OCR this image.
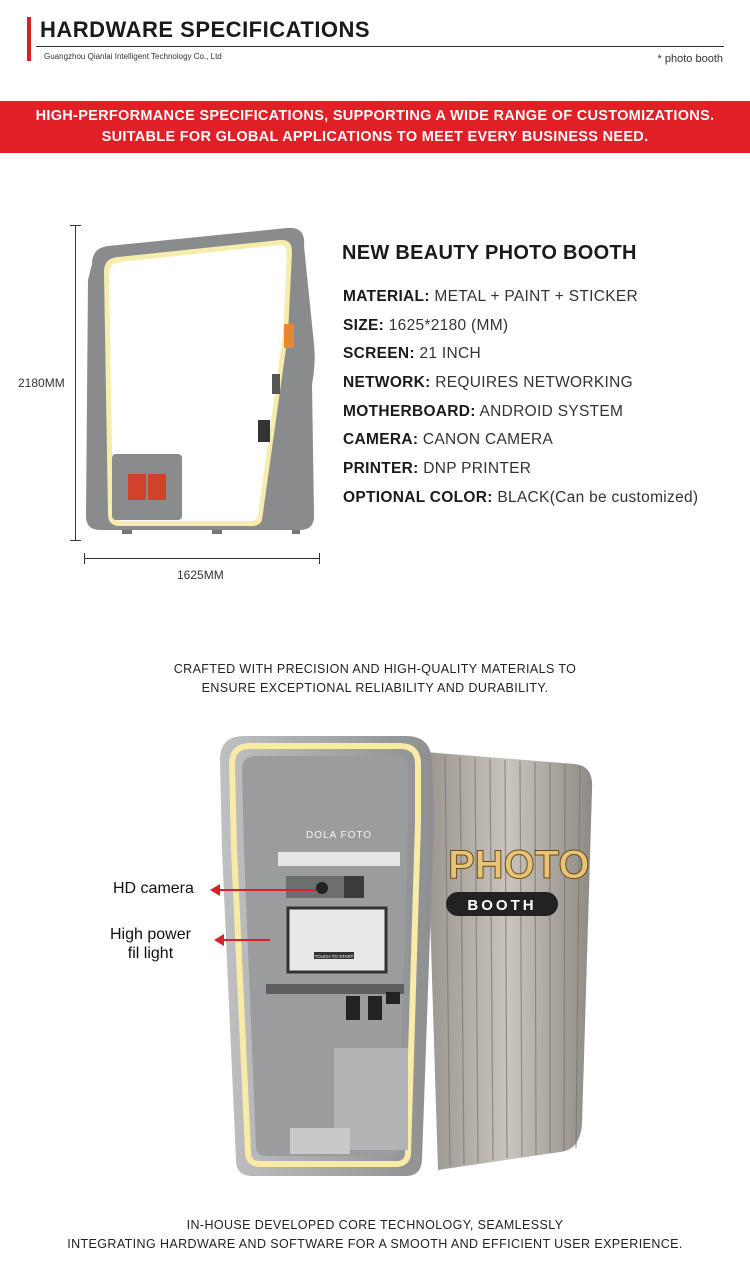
HARDWARE SPECIFICATIONS
Guangzhou Qianlai Intelligent Technology Co., Ltd	* photo booth
HIGH-PERFORMANCE SPECIFICATIONS, SUPPORTING A WIDE RANGE OF CUSTOMIZATIONS.
SUITABLE FOR GLOBAL APPLICATIONS TO MEET EVERY BUSINESS NEED.
2180MM
1625MM
NEW BEAUTY PHOTO BOOTH
MATERIAL: METAL + PAINT + STICKER
SIZE: 1625*2180 (MM)
SCREEN: 21 INCH
NETWORK: REQUIRES NETWORKING
MOTHERBOARD: ANDROID SYSTEM
CAMERA: CANON CAMERA
PRINTER: DNP PRINTER
OPTIONAL COLOR: BLACK(Can be customized)
CRAFTED WITH PRECISION AND HIGH-QUALITY MATERIALS TO
ENSURE EXCEPTIONAL RELIABILITY AND DURABILITY.
PHOTO
BOOTH
DOLA FOTO
TOUCH TO START
HD camera
High power
fil light
IN-HOUSE DEVELOPED CORE TECHNOLOGY, SEAMLESSLY
INTEGRATING HARDWARE AND SOFTWARE FOR A SMOOTH AND EFFICIENT USER EXPERIENCE.
